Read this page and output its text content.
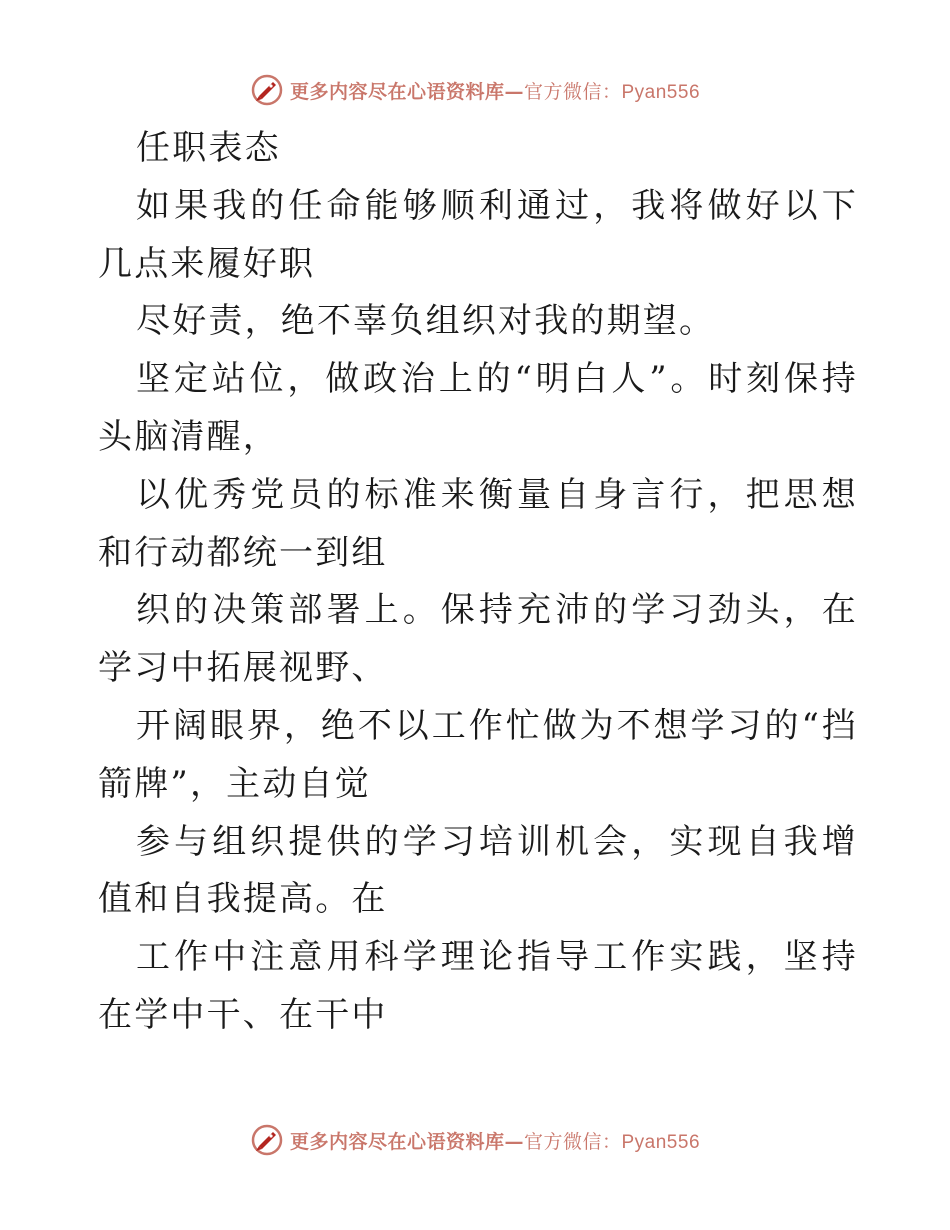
更多内容尽在心语资料库—官方微信：Pyan556

任职表态

如果我的任命能够顺利通过，我将做好以下几点来履好职

尽好责，绝不辜负组织对我的期望。

坚定站位，做政治上的“明白人”。时刻保持头脑清醒，

以优秀党员的标准来衡量自身言行，把思想和行动都统一到组

织的决策部署上。保持充沛的学习劲头，在学习中拓展视野、

开阔眼界，绝不以工作忙做为不想学习的“挡箭牌”，主动自觉

参与组织提供的学习培训机会，实现自我增值和自我提高。在

工作中注意用科学理论指导工作实践，坚持在学中干、在干中

更多内容尽在心语资料库—官方微信：Pyan556
